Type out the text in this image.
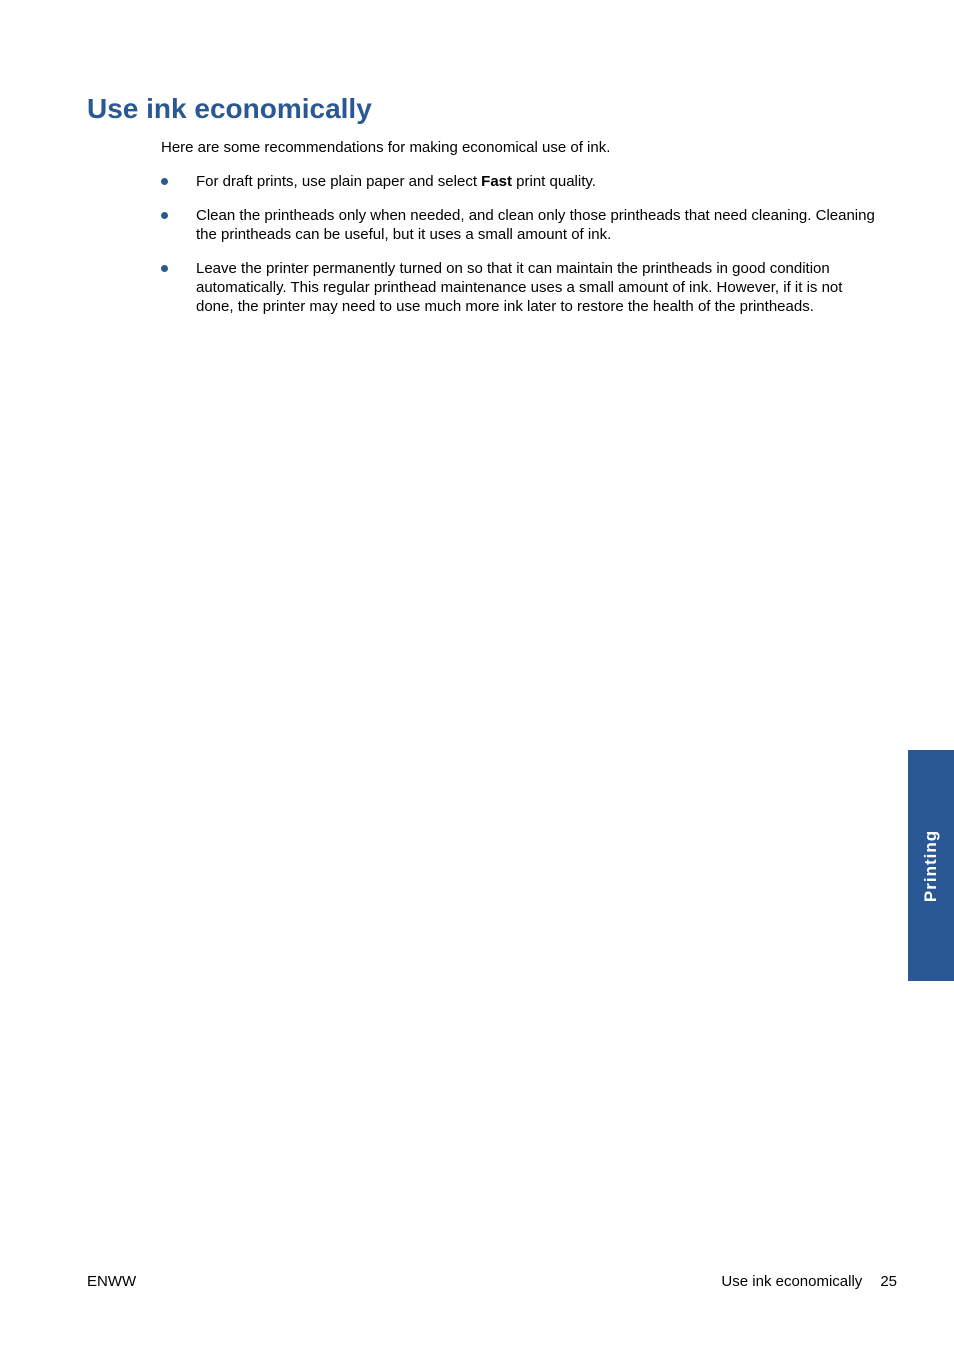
Use ink economically

Here are some recommendations for making economical use of ink.

For draft prints, use plain paper and select Fast print quality.
Clean the printheads only when needed, and clean only those printheads that need cleaning. Cleaning the printheads can be useful, but it uses a small amount of ink.
Leave the printer permanently turned on so that it can maintain the printheads in good condition automatically. This regular printhead maintenance uses a small amount of ink. However, if it is not done, the printer may need to use much more ink later to restore the health of the printheads.
Printing
ENWW	Use ink economically 25
